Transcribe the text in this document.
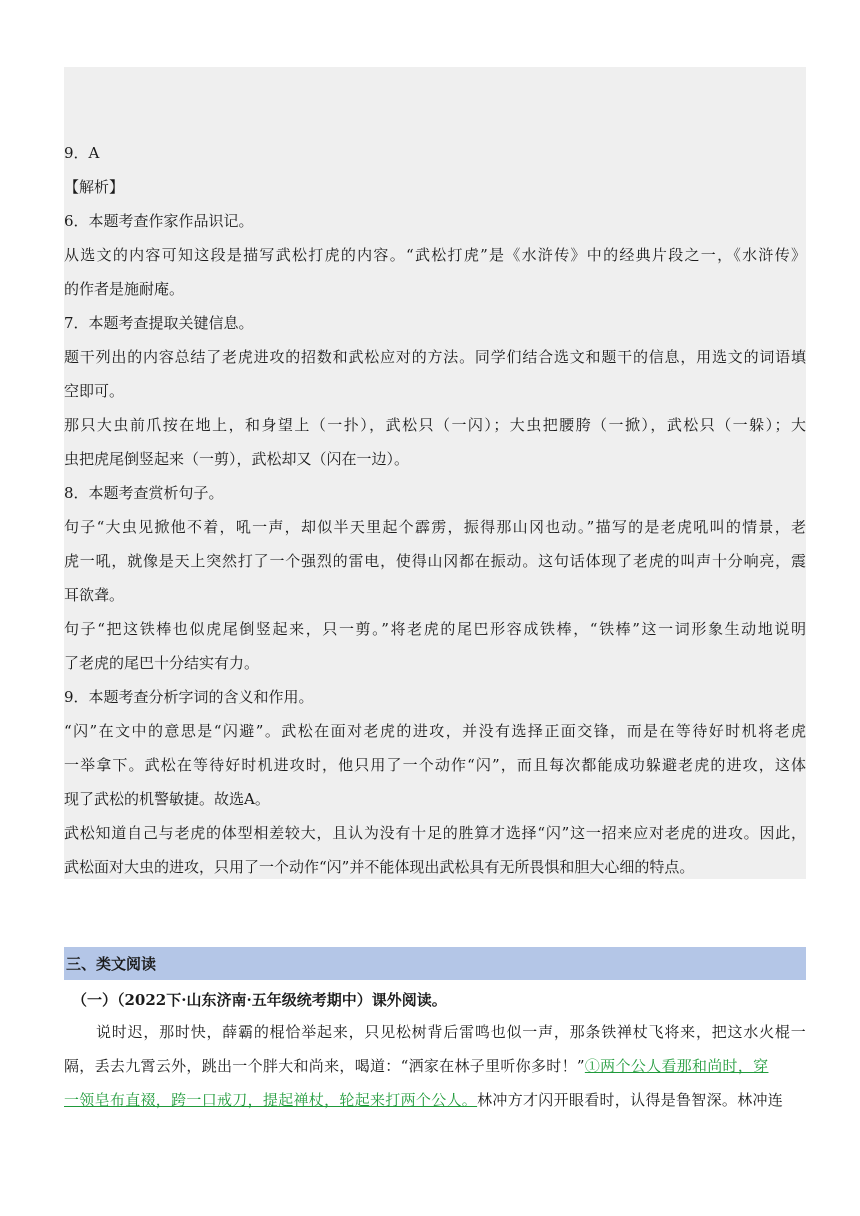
9．A
【解析】
6．本题考查作家作品识记。
从选文的内容可知这段是描写武松打虎的内容。“武松打虎”是《水浒传》中的经典片段之一，《水浒传》
的作者是施耐庵。
7．本题考查提取关键信息。
题干列出的内容总结了老虎进攻的招数和武松应对的方法。同学们结合选文和题干的信息，用选文的词语填
空即可。
那只大虫前爪按在地上，和身望上（一扑），武松只（一闪）；大虫把腰胯（一掀），武松只（一躲）；大
虫把虎尾倒竖起来（一剪），武松却又（闪在一边）。
8．本题考查赏析句子。
句子“大虫见掀他不着，吼一声，却似半天里起个霹雳，振得那山冈也动。”描写的是老虎吼叫的情景，老
虎一吼，就像是天上突然打了一个强烈的雷电，使得山冈都在振动。这句话体现了老虎的叫声十分响亮，震
耳欲聋。
句子“把这铁棒也似虎尾倒竖起来，只一剪。”将老虎的尾巴形容成铁棒，“铁棒”这一词形象生动地说明
了老虎的尾巴十分结实有力。
9．本题考查分析字词的含义和作用。
“闪”在文中的意思是“闪避”。武松在面对老虎的进攻，并没有选择正面交锋，而是在等待好时机将老虎
一举拿下。武松在等待好时机进攻时，他只用了一个动作“闪”，而且每次都能成功躲避老虎的进攻，这体
现了武松的机警敏捷。故选A。
武松知道自己与老虎的体型相差较大，且认为没有十足的胜算才选择“闪”这一招来应对老虎的进攻。因此，
武松面对大虫的进攻，只用了一个动作“闪”并不能体现出武松具有无所畏惧和胆大心细的特点。
三、类文阅读
（一）（2022下·山东济南·五年级统考期中）课外阅读。
说时迟，那时快，薛霸的棍恰举起来，只见松树背后雷鸣也似一声，那条铁禅杖飞将来，把这水火棍一
隔，丢去九霄云外，跳出一个胖大和尚来，喝道：“洒家在林子里听你多时！”①两个公人看那和尚时，穿
一领皂布直裰，跨一口戒刀，提起禅杖，轮起来打两个公人。林冲方才闪开眼看时，认得是鲁智深。林冲连
